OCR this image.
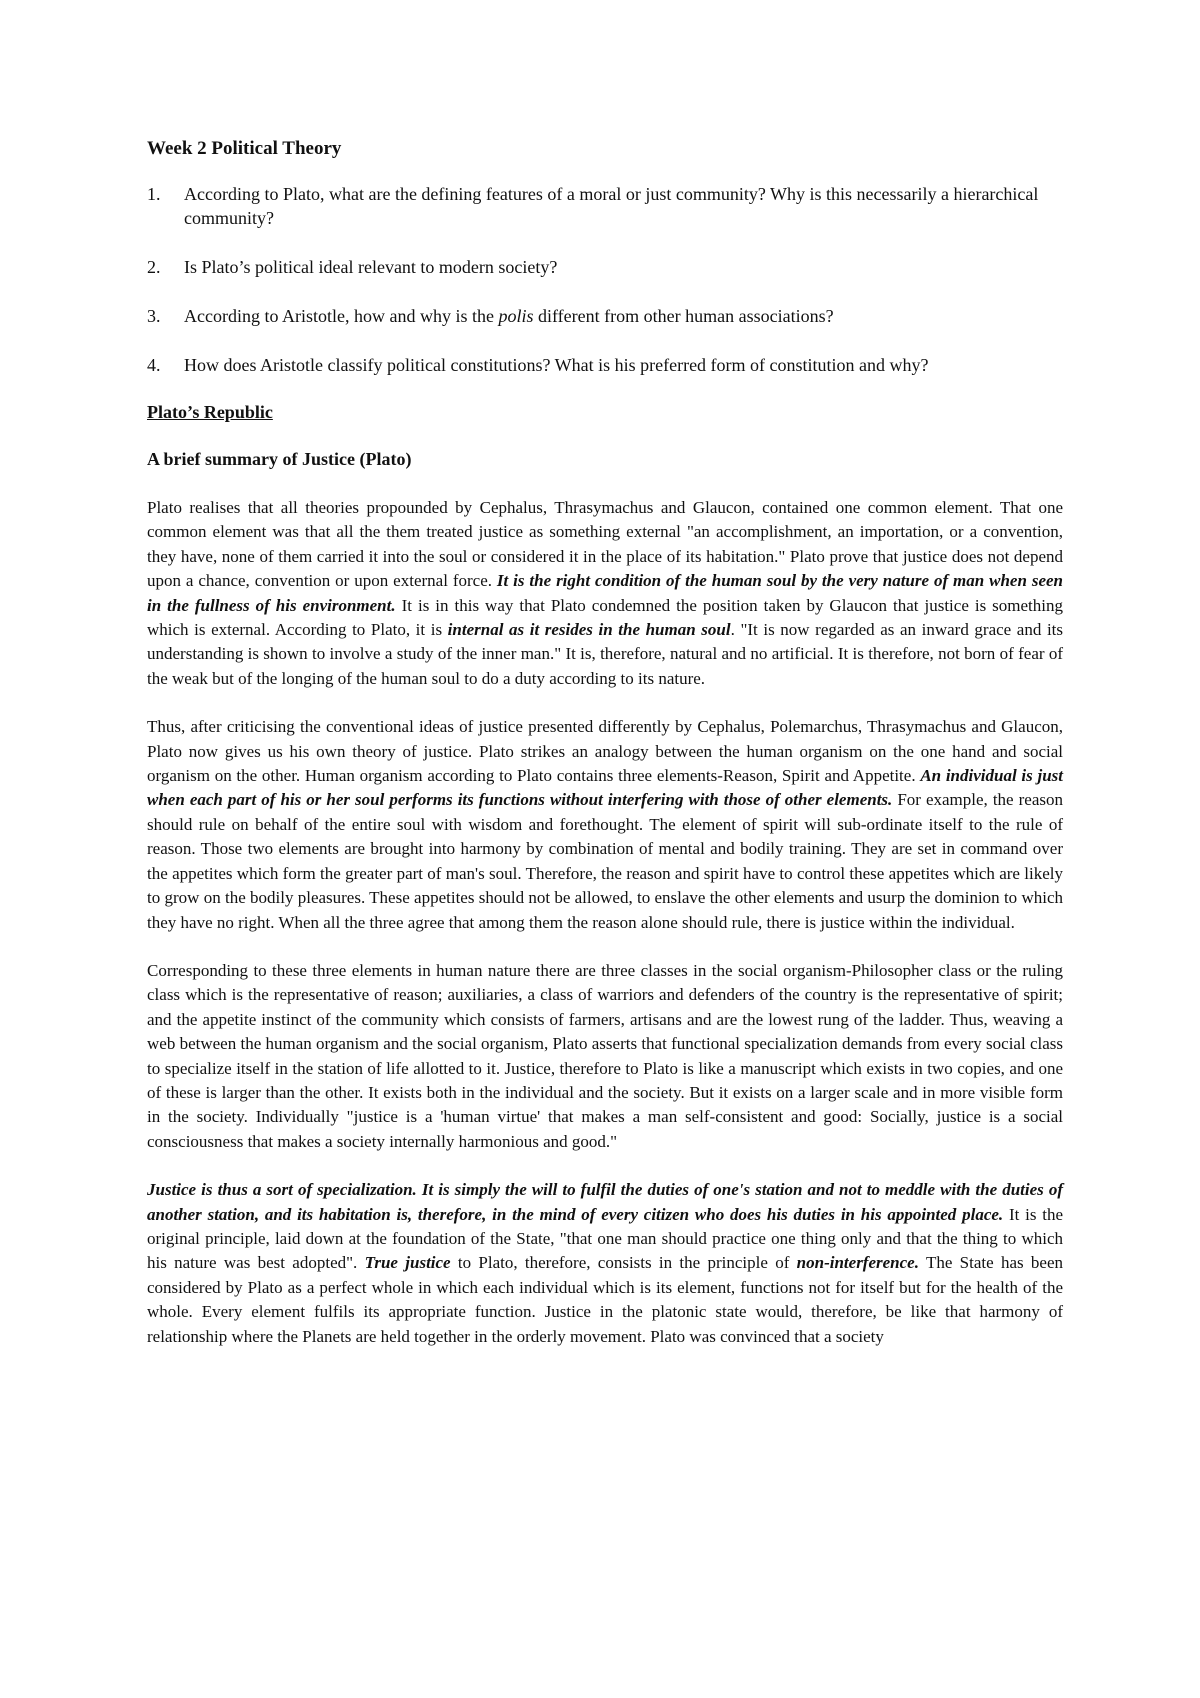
Week 2 Political Theory
1.	According to Plato, what are the defining features of a moral or just community? Why is this necessarily a hierarchical community?
2.	Is Plato’s political ideal relevant to modern society?
3.	According to Aristotle, how and why is the polis different from other human associations?
4.	How does Aristotle classify political constitutions? What is his preferred form of constitution and why?
Plato’s Republic
A brief summary of Justice (Plato)

Plato realises that all theories propounded by Cephalus, Thrasymachus and Glaucon, contained one common element. That one common element was that all the them treated justice as something external "an accomplishment, an importation, or a convention, they have, none of them carried it into the soul or considered it in the place of its habitation." Plato prove that justice does not depend upon a chance, convention or upon external force. It is the right condition of the human soul by the very nature of man when seen in the fullness of his environment. It is in this way that Plato condemned the position taken by Glaucon that justice is something which is external. According to Plato, it is internal as it resides in the human soul. "It is now regarded as an inward grace and its understanding is shown to involve a study of the inner man." It is, therefore, natural and no artificial. It is therefore, not born of fear of the weak but of the longing of the human soul to do a duty according to its nature.

Thus, after criticising the conventional ideas of justice presented differently by Cephalus, Polemarchus, Thrasymachus and Glaucon, Plato now gives us his own theory of justice. Plato strikes an analogy between the human organism on the one hand and social organism on the other. Human organism according to Plato contains three elements-Reason, Spirit and Appetite. An individual is just when each part of his or her soul performs its functions without interfering with those of other elements. For example, the reason should rule on behalf of the entire soul with wisdom and forethought. The element of spirit will sub-ordinate itself to the rule of reason. Those two elements are brought into harmony by combination of mental and bodily training. They are set in command over the appetites which form the greater part of man's soul. Therefore, the reason and spirit have to control these appetites which are likely to grow on the bodily pleasures. These appetites should not be allowed, to enslave the other elements and usurp the dominion to which they have no right. When all the three agree that among them the reason alone should rule, there is justice within the individual.

Corresponding to these three elements in human nature there are three classes in the social organism-Philosopher class or the ruling class which is the representative of reason; auxiliaries, a class of warriors and defenders of the country is the representative of spirit; and the appetite instinct of the community which consists of farmers, artisans and are the lowest rung of the ladder. Thus, weaving a web between the human organism and the social organism, Plato asserts that functional specialization demands from every social class to specialize itself in the station of life allotted to it. Justice, therefore to Plato is like a manuscript which exists in two copies, and one of these is larger than the other. It exists both in the individual and the society. But it exists on a larger scale and in more visible form in the society. Individually "justice is a 'human virtue' that makes a man self-consistent and good: Socially, justice is a social consciousness that makes a society internally harmonious and good."

Justice is thus a sort of specialization. It is simply the will to fulfil the duties of one's station and not to meddle with the duties of another station, and its habitation is, therefore, in the mind of every citizen who does his duties in his appointed place. It is the original principle, laid down at the foundation of the State, "that one man should practice one thing only and that the thing to which his nature was best adopted". True justice to Plato, therefore, consists in the principle of non-interference. The State has been considered by Plato as a perfect whole in which each individual which is its element, functions not for itself but for the health of the whole. Every element fulfils its appropriate function. Justice in the platonic state would, therefore, be like that harmony of relationship where the Planets are held together in the orderly movement. Plato was convinced that a society
